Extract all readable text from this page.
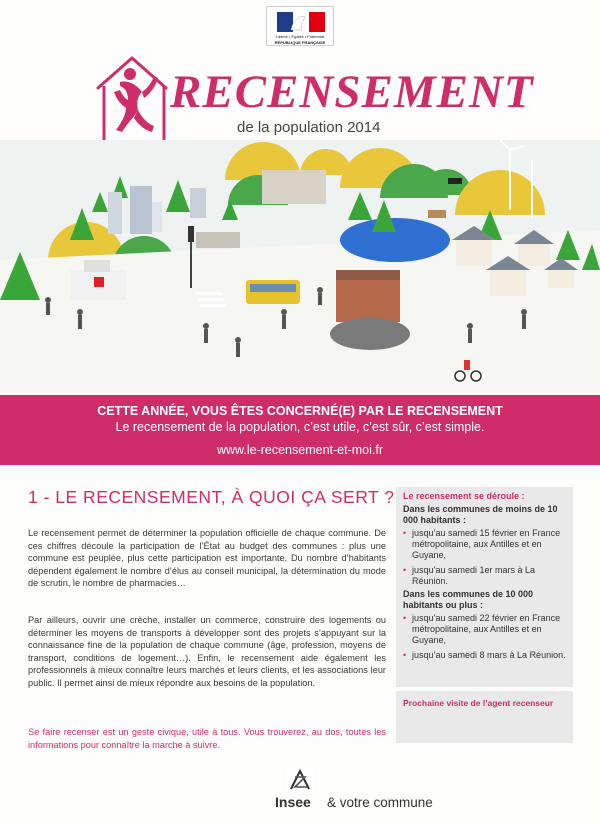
Liberté • Égalité • Fraternité
RÉPUBLIQUE FRANÇAISE
RECENSEMENT
de la population 2014
CETTE ANNÉE, VOUS ÊTES CONCERNÉ(E) PAR LE RECENSEMENT
Le recensement de la population, c’est utile, c’est sûr, c’est simple.
www.le-recensement-et-moi.fr
1 - LE RECENSEMENT, À QUOI ÇA SERT ?
Le recensement permet de déterminer la population officielle de chaque commune. De ces chiffres découle la participation de l’État au budget des communes : plus une commune est peuplée, plus cette participation est importante. Du nombre d’habitants dépendent également le nombre d’élus au conseil municipal, la détermination du mode de scrutin, le nombre de pharmacies…
Par ailleurs, ouvrir une crèche, installer un commerce, construire des logements ou déterminer les moyens de transports à développer sont des projets s’appuyant sur la connaissance fine de la population de chaque commune (âge, profession, moyens de transport, conditions de logement…). Enfin, le recensement aide également les professionnels à mieux connaître leurs marchés et leurs clients, et les associations leur public. Il permet ainsi de mieux répondre aux besoins de la population.
Se faire recenser est un geste civique, utile à tous. Vous trouverez, au dos, toutes les informations pour connaître la marche à suivre.
Le recensement se déroule :
Dans les communes de moins de 10 000 habitants :
• jusqu’au samedi 15 février en France métropolitaine, aux Antilles et en Guyane,
• jusqu’au samedi 1er mars à La Réunion.
Dans les communes de 10 000 habitants ou plus :
• jusqu’au samedi 22 février en France métropolitaine, aux Antilles et en Guyane,
• jusqu’au samedi 8 mars à La Réunion.
Prochaine visite de l’agent recenseur
Insee & votre commune
